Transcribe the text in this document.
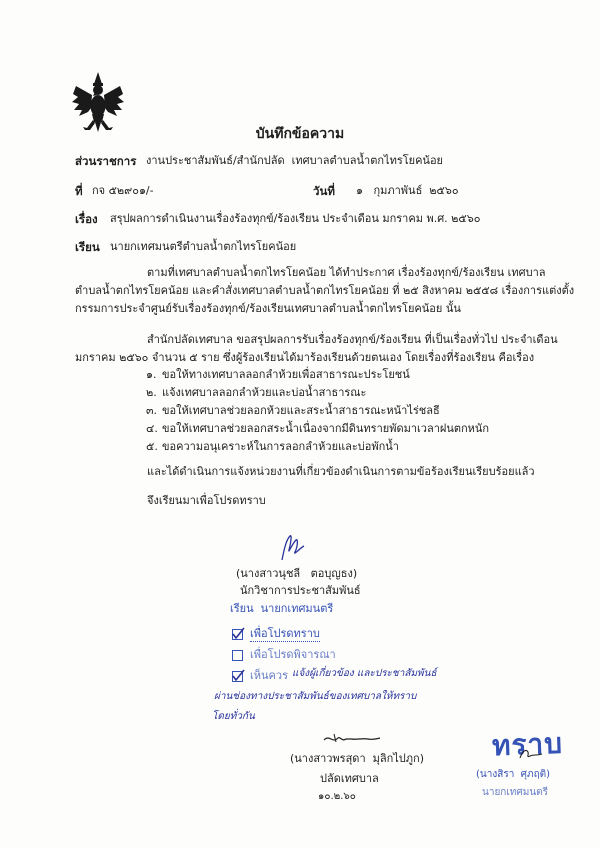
บันทึกข้อความ
ส่วนราชการ งานประชาสัมพันธ์/สำนักปลัด  เทศบาลตำบลน้ำตกไทรโยคน้อย
ที่ กจ ๕๒๙๐๑/-	วันที่ ๑   กุมภาพันธ์  ๒๕๖๐
เรื่อง สรุปผลการดำเนินงานเรื่องร้องทุกข์/ร้องเรียน ประจำเดือน มกราคม พ.ศ. ๒๕๖๐
เรียน นายกเทศมนตรีตำบลน้ำตกไทรโยคน้อย
ตามที่เทศบาลตำบลน้ำตกไทรโยคน้อย ได้ทำประกาศ เรื่องร้องทุกข์/ร้องเรียน เทศบาล
ตำบลน้ำตกไทรโยคน้อย และคำสั่งเทศบาลตำบลน้ำตกไทรโยคน้อย ที่ ๒๕ สิงหาคม ๒๕๕๘ เรื่องการแต่งตั้ง
กรรมการประจำศูนย์รับเรื่องร้องทุกข์/ร้องเรียนเทศบาลตำบลน้ำตกไทรโยคน้อย นั้น
สำนักปลัดเทศบาล ขอสรุปผลการรับเรื่องร้องทุกข์/ร้องเรียน ที่เป็นเรื่องทั่วไป ประจำเดือน
มกราคม ๒๕๖๐ จำนวน ๕ ราย ซึ่งผู้ร้องเรียนได้มาร้องเรียนด้วยตนเอง โดยเรื่องที่ร้องเรียน คือเรื่อง
๑. ขอให้ทางเทศบาลลอกลำห้วยเพื่อสาธารณะประโยชน์
๒. แจ้งเทศบาลลอกลำห้วยและบ่อน้ำสาธารณะ
๓. ขอให้เทศบาลช่วยลอกห้วยและสระน้ำสาธารณะหน้าไร่ชลธี
๔. ขอให้เทศบาลช่วยลอกสระน้ำเนื่องจากมีดินทรายพัดมาเวลาฝนตกหนัก
๕. ขอความอนุเคราะห์ในการลอกลำห้วยและบ่อพักน้ำ
และได้ดำเนินการแจ้งหน่วยงานที่เกี่ยวข้องดำเนินการตามข้อร้องเรียนเรียบร้อยแล้ว
จึงเรียนมาเพื่อโปรดทราบ
(นางสาวนุชลี   ตอบุญธง)
นักวิชาการประชาสัมพันธ์
เรียน  นายกเทศมนตรี
เพื่อโปรดทราบ
เพื่อโปรดพิจารณา
เห็นควร แจ้งผู้เกี่ยวข้อง และประชาสัมพันธ์
ผ่านช่องทางประชาสัมพันธ์ของเทศบาลให้ทราบ
โดยทั่วกัน
(นางสาวพรสุดา  มุลิกไปภูก)
ปลัดเทศบาล
๑๐.๒.๖๐
ทราบ
(นางสิรา  ศุภฤติ)
นายกเทศมนตรี
